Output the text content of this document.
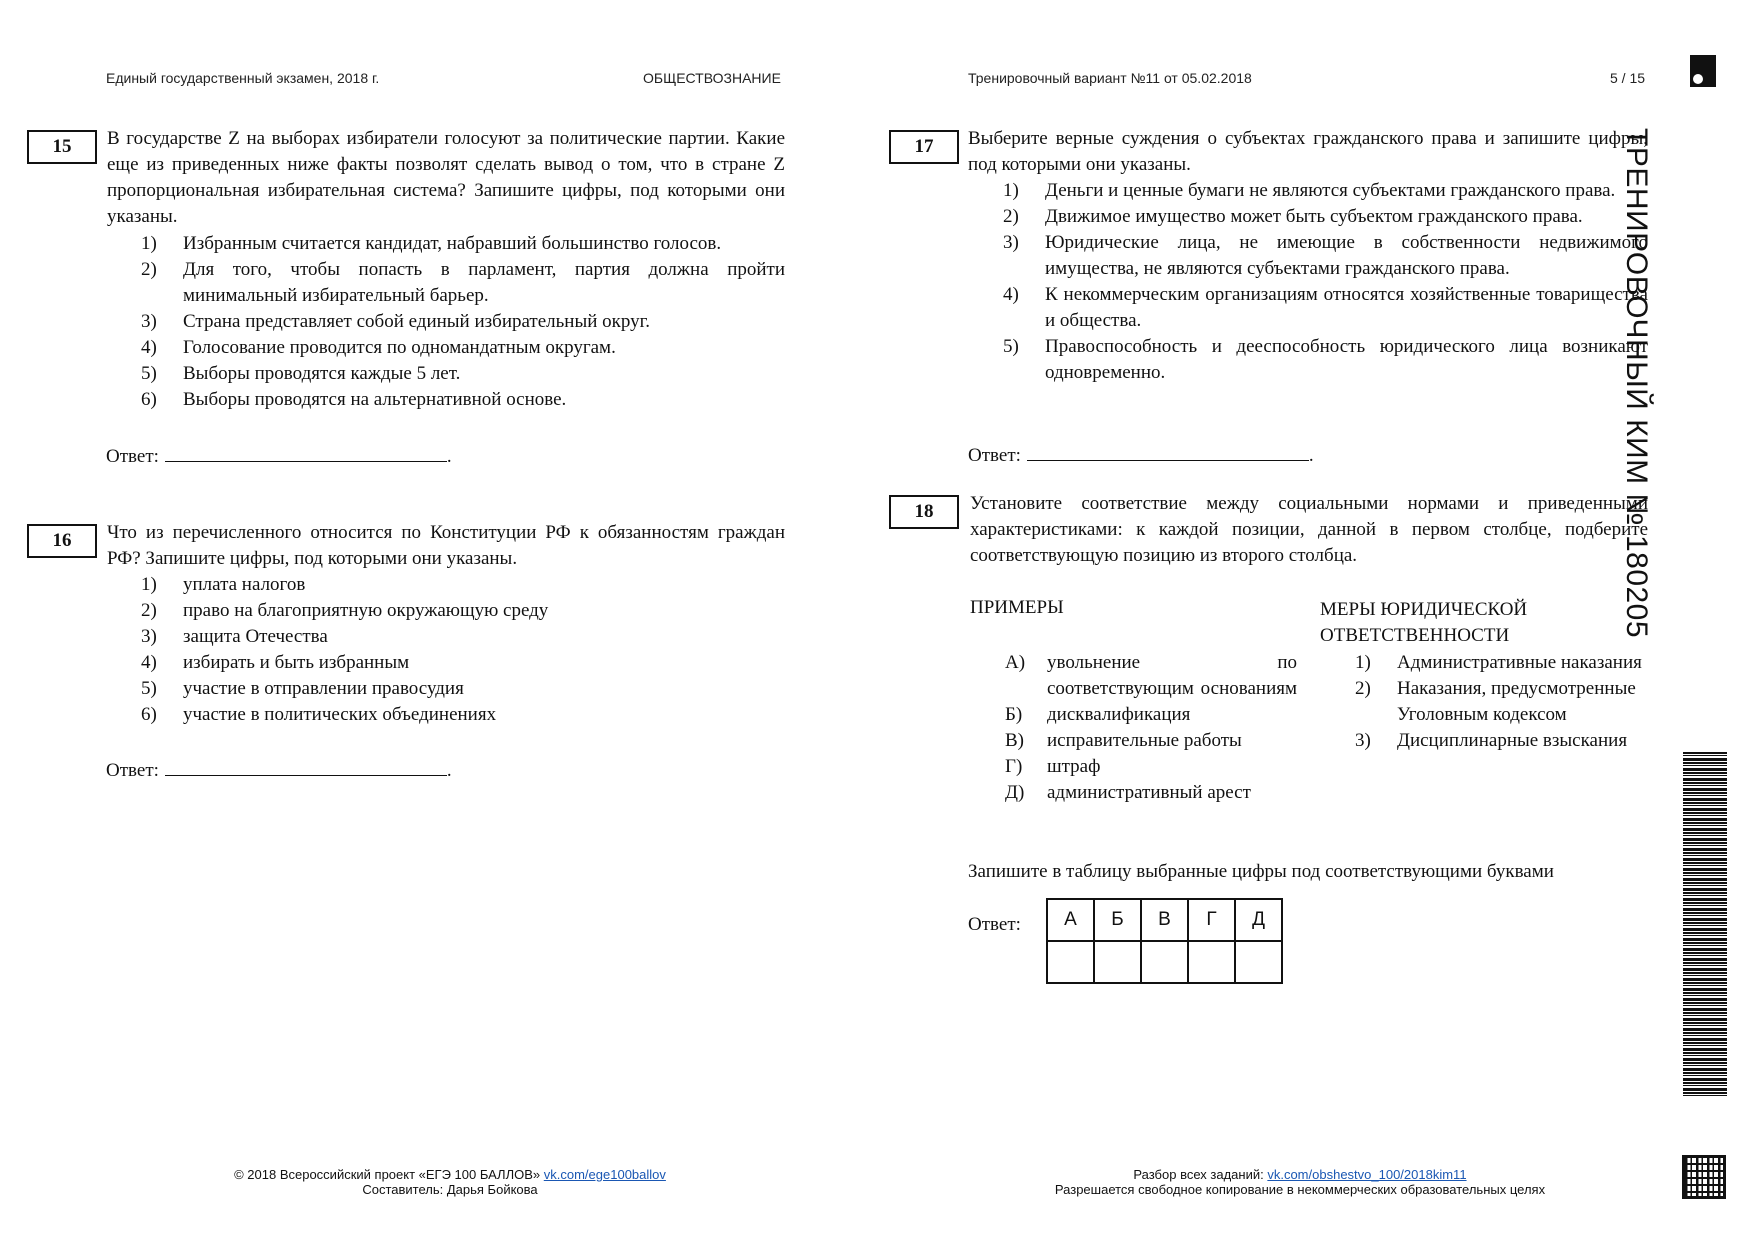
Единый государственный экзамен, 2018 г.	ОБЩЕСТВОЗНАНИЕ	Тренировочный вариант №11 от 05.02.2018	5 / 15
ТРЕНИРОВОЧНЫЙ КИМ № 180205
15	В государстве Z на выборах избиратели голосуют за политические партии. Какие еще из приведенных ниже факты позволят сделать вывод о том, что в стране Z пропорциональная избирательная система? Запишите цифры, под которыми они указаны.
1)	Избранным считается кандидат, набравший большинство голосов.
2)	Для того, чтобы попасть в парламент, партия должна пройти минимальный избирательный барьер.
3)	Страна представляет собой единый избирательный округ.
4)	Голосование проводится по одномандатным округам.
5)	Выборы проводятся каждые 5 лет.
6)	Выборы проводятся на альтернативной основе.
Ответ:	.
16	Что из перечисленного относится по Конституции РФ к обязанностям граждан РФ? Запишите цифры, под которыми они указаны.
1)	уплата налогов
2)	право на благоприятную окружающую среду
3)	защита Отечества
4)	избирать и быть избранным
5)	участие в отправлении правосудия
6)	участие в политических объединениях
Ответ:	.
17	Выберите верные суждения о субъектах гражданского права и запишите цифры, под которыми они указаны.
1)	Деньги и ценные бумаги не являются субъектами гражданского права.
2)	Движимое имущество может быть субъектом гражданского права.
3)	Юридические лица, не имеющие в собственности недвижимого имущества, не являются субъектами гражданского права.
4)	К некоммерческим организациям относятся хозяйственные товарищества и общества.
5)	Правоспособность и дееспособность юридического лица возникают одновременно.
Ответ:	.
18	Установите соответствие между социальными нормами и приведенными характеристиками: к каждой позиции, данной в первом столбце, подберите соответствующую позицию из второго столбца.
ПРИМЕРЫ	МЕРЫ ЮРИДИЧЕСКОЙ ОТВЕТСТВЕННОСТИ
А)	увольнение по соответствующим основаниям
Б)	дисквалификация
В)	исправительные работы
Г)	штраф
Д)	административный арест
1)	Административные наказания
2)	Наказания, предусмотренные Уголовным кодексом
3)	Дисциплинарные взыскания
Запишите в таблицу выбранные цифры под соответствующими буквами
Ответ: А	Б	В	Г	Д

© 2018 Всероссийский проект «ЕГЭ 100 БАЛЛОВ» vk.com/ege100ballov
Составитель: Дарья Бойкова
Разбор всех заданий: vk.com/obshestvo_100/2018kim11
Разрешается свободное копирование в некоммерческих образовательных целях
